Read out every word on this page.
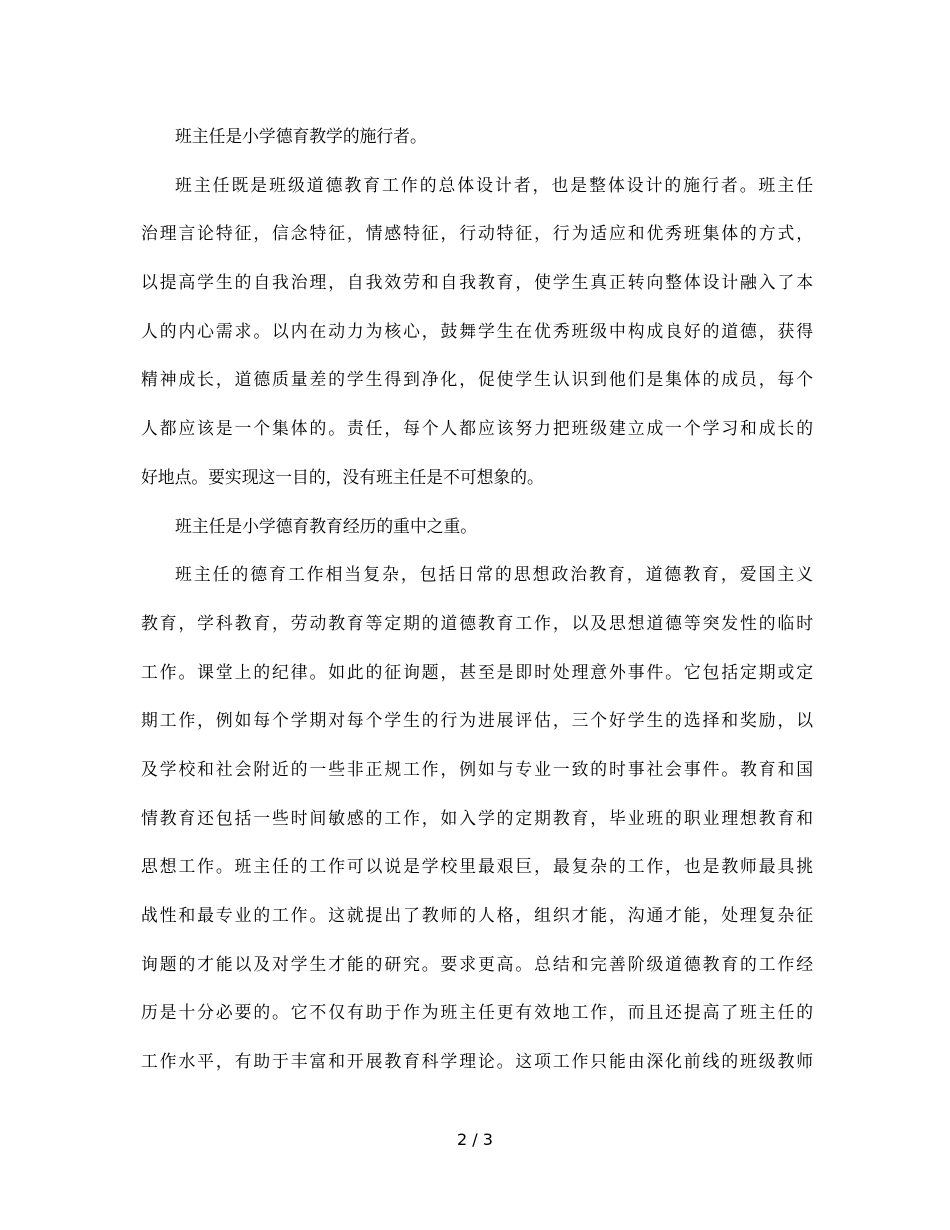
班主任是小学德育教学的施行者。
班主任既是班级道德教育工作的总体设计者，也是整体设计的施行者。班主任
治理言论特征，信念特征，情感特征，行动特征，行为适应和优秀班集体的方式，
以提高学生的自我治理，自我效劳和自我教育，使学生真正转向整体设计融入了本
人的内心需求。以内在动力为核心，鼓舞学生在优秀班级中构成良好的道德，获得
精神成长，道德质量差的学生得到净化，促使学生认识到他们是集体的成员，每个
人都应该是一个集体的。责任，每个人都应该努力把班级建立成一个学习和成长的
好地点。要实现这一目的，没有班主任是不可想象的。
班主任是小学德育教育经历的重中之重。
班主任的德育工作相当复杂，包括日常的思想政治教育，道德教育，爱国主义
教育，学科教育，劳动教育等定期的道德教育工作，以及思想道德等突发性的临时
工作。课堂上的纪律。如此的征询题，甚至是即时处理意外事件。它包括定期或定
期工作，例如每个学期对每个学生的行为进展评估，三个好学生的选择和奖励，以
及学校和社会附近的一些非正规工作，例如与专业一致的时事社会事件。教育和国
情教育还包括一些时间敏感的工作，如入学的定期教育，毕业班的职业理想教育和
思想工作。班主任的工作可以说是学校里最艰巨，最复杂的工作，也是教师最具挑
战性和最专业的工作。这就提出了教师的人格，组织才能，沟通才能，处理复杂征
询题的才能以及对学生才能的研究。要求更高。总结和完善阶级道德教育的工作经
历是十分必要的。它不仅有助于作为班主任更有效地工作，而且还提高了班主任的
工作水平，有助于丰富和开展教育科学理论。这项工作只能由深化前线的班级教师
2 / 3
